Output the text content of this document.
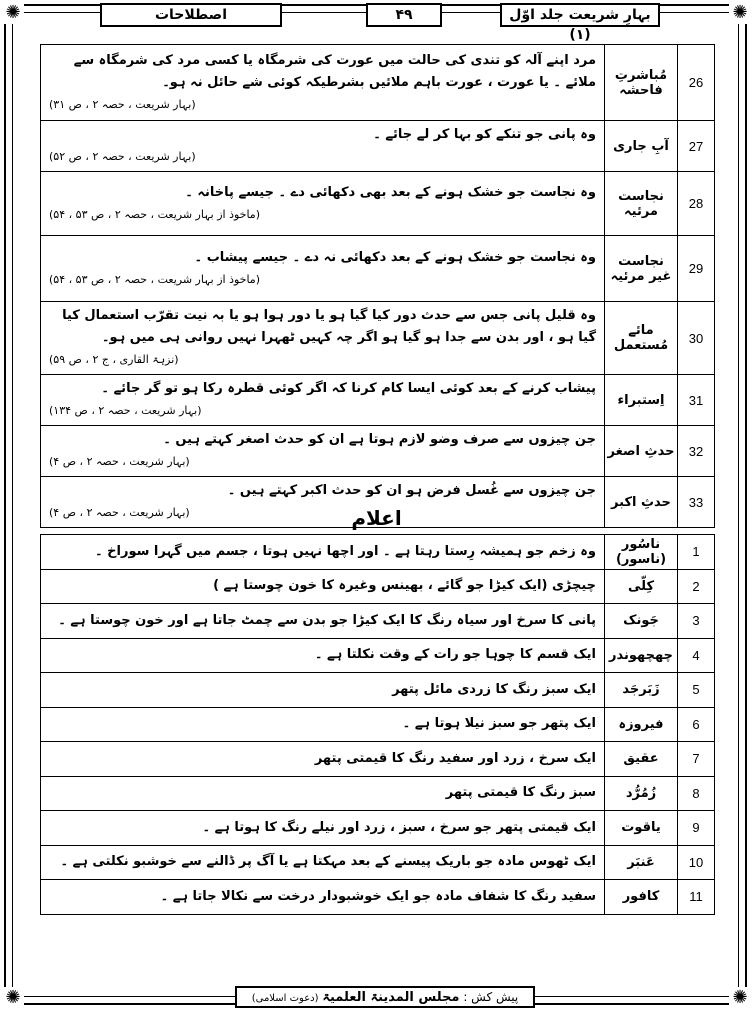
✺	✺
✺	✺
بہارِ شریعت جلد اوّل (۱)
۴۹
اصطلاحات
26	مُباشرتِ فاحشہ	مرد اپنے آلہ کو تندی کی حالت میں عورت کی شرمگاہ یا کسی مرد کی شرمگاہ سے ملائے ۔ یا عورت ، عورت باہم ملائیں بشرطیکہ کوئی شے حائل نہ ہو۔
(بہار شریعت ، حصہ ۲ ، ص ۳۱)

27	آبِ جاری	وہ پانی جو تنکے کو بہا کر لے جائے ۔
(بہار شریعت ، حصہ ۲ ، ص ۵۲)

28	نجاست مرئیہ	وہ نجاست جو خشک ہونے کے بعد بھی دکھائی دے ۔ جیسے پاخانہ ۔
(ماخوذ از بہار شریعت ، حصہ ۲ ، ص ۵۳ ، ۵۴)

29	نجاست غیر مرئیہ	وہ نجاست جو خشک ہونے کے بعد دکھائی نہ دے ۔ جیسے پیشاب ۔
(ماخوذ از بہار شریعت ، حصہ ۲ ، ص ۵۳ ، ۵۴)

30	مائے مُستعمل	وہ قلیل پانی جس سے حدث دور کیا گیا ہو یا دور ہوا ہو یا بہ نیت تقرّب استعمال کیا گیا ہو ، اور بدن سے جدا ہو گیا ہو اگر چہ کہیں ٹھہرا نہیں روانی ہی میں ہو۔
(نزہۃ القاری ، ج ۲ ، ص ۵۹)

31	اِستبراء	پیشاب کرنے کے بعد کوئی ایسا کام کرنا کہ اگر کوئی قطرہ رکا ہو تو گر جائے ۔
(بہار شریعت ، حصہ ۲ ، ص ۱۳۴)

32	حدثِ اصغر	جن چیزوں سے صرف وضو لازم ہوتا ہے ان کو حدث اصغر کہتے ہیں ۔
(بہار شریعت ، حصہ ۲ ، ص ۴)

33	حدثِ اکبر	جن چیزوں سے غُسل فرض ہو ان کو حدث اکبر کہتے ہیں ۔
(بہار شریعت ، حصہ ۲ ، ص ۴)	اعلام
1	ناسُور (ناسور)	وہ زخم جو ہمیشہ رِستا رہتا ہے ۔ اور اچھا نہیں ہوتا ، جسم میں گہرا سوراخ ۔

2	کِلّی	چیچڑی (ایک کیڑا جو گائے ، بھینس وغیرہ کا خون چوستا ہے )

3	جَونک	پانی کا سرخ اور سیاہ رنگ کا ایک کیڑا جو بدن سے چمٹ جاتا ہے اور خون چوستا ہے ۔

4	چھچھوندر	ایک قسم کا چوہا جو رات کے وقت نکلتا ہے ۔

5	زَبَرجَد	ایک سبز رنگ کا زردی مائل پتھر

6	فیروزہ	ایک پتھر جو سبز نیلا ہوتا ہے ۔

7	عقیق	ایک سرخ ، زرد اور سفید رنگ کا قیمتی پتھر

8	زُمُرُّد	سبز رنگ کا قیمتی پتھر

9	یاقوت	ایک قیمتی پتھر جو سرخ ، سبز ، زرد اور نیلے رنگ کا ہوتا ہے ۔

10	عَنبَر	ایک ٹھوس مادہ جو باریک پیسنے کے بعد مہکتا ہے یا آگ پر ڈالنے سے خوشبو نکلتی ہے ۔

11	کافور	سفید رنگ کا شفاف مادہ جو ایک خوشبودار درخت سے نکالا جاتا ہے ۔
پیش کش : مجلس المدینۃ العلمیۃ (دعوت اسلامی)
